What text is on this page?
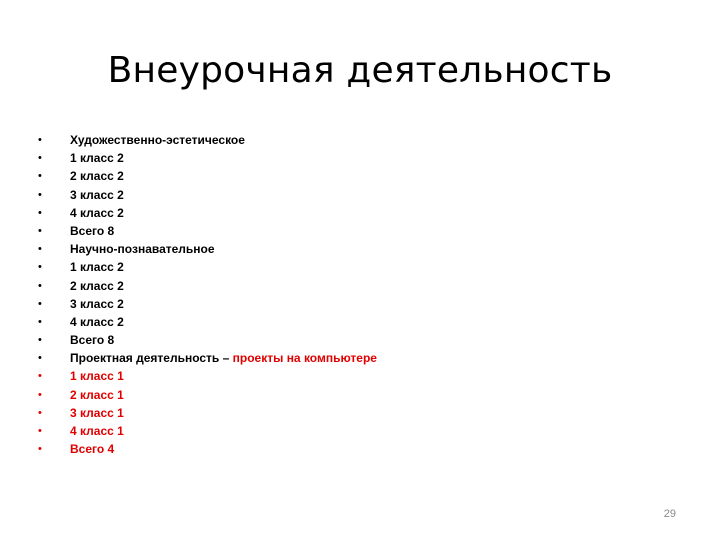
Внеурочная деятельность
•	Художественно-эстетическое
•	1 класс 2
•	2 класс 2
•	3 класс 2
•	4 класс 2
•	Всего 8
•	Научно-познавательное
•	1 класс 2
•	2 класс 2
•	3 класс 2
•	4 класс 2
•	Всего 8
•	Проектная деятельность – проекты на компьютере
•	1 класс 1
•	2 класс 1
•	3 класс 1
•	4 класс 1
•	Всего 4
29
